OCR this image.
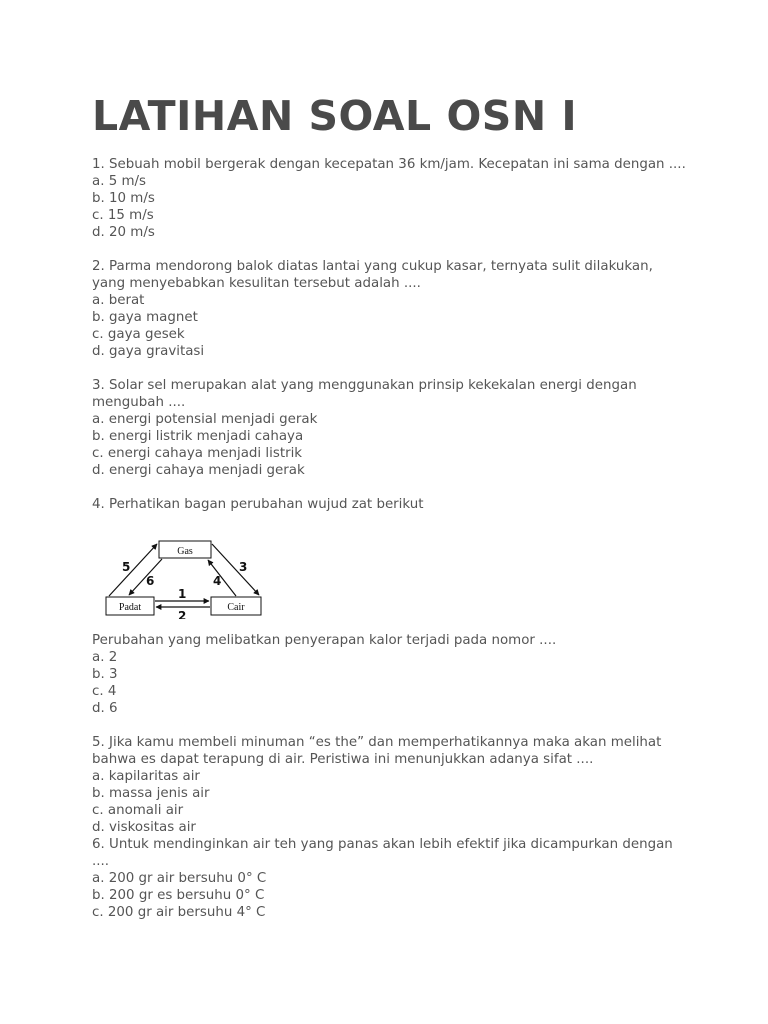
LATIHAN SOAL OSN I
1. Sebuah mobil bergerak dengan kecepatan 36 km/jam. Kecepatan ini sama dengan ....
a. 5 m/s
b. 10 m/s
c. 15 m/s
d. 20 m/s
2. Parma mendorong balok diatas lantai yang cukup kasar, ternyata sulit dilakukan,
yang menyebabkan kesulitan tersebut adalah ....
a. berat
b. gaya magnet
c. gaya gesek
d. gaya gravitasi
3. Solar sel merupakan alat yang menggunakan prinsip kekekalan energi dengan
mengubah ....
a. energi potensial menjadi gerak
b. energi listrik menjadi cahaya
c. energi cahaya menjadi listrik
d. energi cahaya menjadi gerak
4. Perhatikan bagan perubahan wujud zat berikut
Gas
Padat	Cair
5
6
3
4
1
2
Perubahan yang melibatkan penyerapan kalor terjadi pada nomor ....
a. 2
b. 3
c. 4
d. 6
5. Jika kamu membeli minuman “es the” dan memperhatikannya maka akan melihat
bahwa es dapat terapung di air. Peristiwa ini menunjukkan adanya sifat ....
a. kapilaritas air
b. massa jenis air
c. anomali air
d. viskositas air
6. Untuk mendinginkan air teh yang panas akan lebih efektif jika dicampurkan dengan
....
a. 200 gr air bersuhu 0° C
b. 200 gr es bersuhu 0° C
c. 200 gr air bersuhu 4° C
